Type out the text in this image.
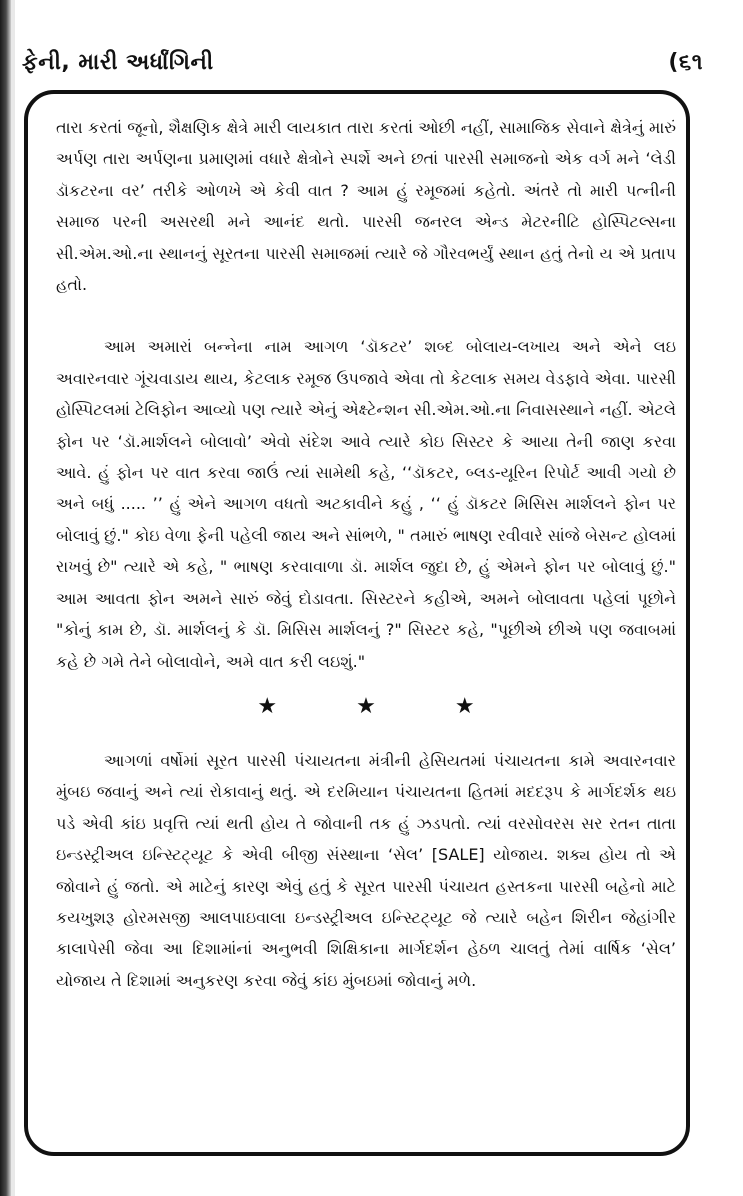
ફેની, મારી અર્ધાંગિની	(૬૧

તારા કરતાં જૂનો, શૈક્ષણિક ક્ષેત્રે મારી લાયકાત તારા કરતાં ઓછી નહીં, સામાજિક સેવાને ક્ષેત્રેનું મારું અર્પણ તારા અર્પણના પ્રમાણમાં વધારે ક્ષેત્રોને સ્પર્શે અને છતાં પારસી સમાજનો એક વર્ગ મને ‘લેડી ડૉકટરના વર’ તરીકે ઓળખે એ કેવી વાત ? આમ હું રમૂજમાં કહેતો. અંતરે તો મારી પત્નીની સમાજ પરની અસરથી મને આનંદ થતો. પારસી જનરલ એન્ડ મેટરનીટિ હોસ્પિટલ્સના સી.એમ.ઓ.ના સ્થાનનું સૂરતના પારસી સમાજમાં ત્યારે જે ગૌરવભર્યું સ્થાન હતું તેનો ય એ પ્રતાપ હતો.

આમ અમારાં બન્નેના નામ આગળ ‘ડૉકટર’ શબ્દ બોલાય-લખાય અને એને લઇ અવારનવાર ગૂંચવાડાય થાય, કેટલાક રમૂજ ઉપજાવે એવા તો કેટલાક સમય વેડફાવે એવા. પારસી હોસ્પિટલમાં ટેલિફોન આવ્યો પણ ત્યારે એનું એક્ષ્ટેન્શન સી.એમ.ઓ.ના નિવાસસ્થાને નહીં. એટલે ફોન પર ‘ડૉ.માર્શલને બોલાવો’ એવો સંદેશ આવે ત્યારે કોઇ સિસ્ટર કે આયા તેની જાણ કરવા આવે. હું ફોન પર વાત કરવા જાઉં ત્યાં સામેથી કહે, ‘‘ડૉકટર, બ્લડ-યૂરિન રિપોર્ટ આવી ગયો છે અને બધું ..... ’’ હું એને આગળ વધતો અટકાવીને કહું , ‘‘ હું ડૉકટર મિસિસ માર્શલને ફોન પર બોલાવું છું." કોઇ વેળા ફેની પહેલી જાય અને સાંભળે, " તમારું ભાષણ રવીવારે સાંજે બેસન્ટ હોલમાં રાખવું છે" ત્યારે એ કહે, " ભાષણ કરવાવાળા ડૉ. માર્શલ જુદા છે, હું એમને ફોન પર બોલાવું છું." આમ આવતા ફોન અમને સારું જેવું દોડાવતા. સિસ્ટરને કહીએ, અમને બોલાવતા પહેલાં પૂછોને "કોનું કામ છે, ડૉ. માર્શલનું કે ડૉ. મિસિસ માર્શલનું ?" સિસ્ટર કહે, "પૂછીએ છીએ પણ જવાબમાં કહે છે ગમે તેને બોલાવોને, અમે વાત કરી લઇશું."

★ ★ ★

આગળાં વર્ષોમાં સૂરત પારસી પંચાયતના મંત્રીની હેસિયતમાં પંચાયતના કામે અવારનવાર મુંબઇ જવાનું અને ત્યાં રોકાવાનું થતું. એ દરમિયાન પંચાયતના હિતમાં મદદરૂપ કે માર્ગદર્શક થઇ પડે એવી કાંઇ પ્રવૃત્તિ ત્યાં થતી હોય તે જોવાની તક હું ઝડપતો. ત્યાં વરસોવરસ સર રતન તાતા ઇન્ડસ્ટ્રીઅલ ઇન્સ્ટિટ્યૂટ કે એવી બીજી સંસ્થાના ‘સેલ’ [SALE] યોજાય. શક્ય હોય તો એ જોવાને હું જતો. એ માટેનું કારણ એવું હતું કે સૂરત પારસી પંચાયત હસ્તકના પારસી બહેનો માટે કયખુશરૂ હોરમસજી આલપાઇવાલા ઇન્ડસ્ટ્રીઅલ ઇન્સ્ટિટ્યૂટ જે ત્યારે બહેન શિરીન જેહાંગીર કાલાપેસી જેવા આ દિશામાંનાં અનુભવી શિક્ષિકાના માર્ગદર્શન હેઠળ ચાલતું તેમાં વાર્ષિક ‘સેલ’ યોજાય તે દિશામાં અનુકરણ કરવા જેવું કાંઇ મુંબઇમાં જોવાનું મળે.
